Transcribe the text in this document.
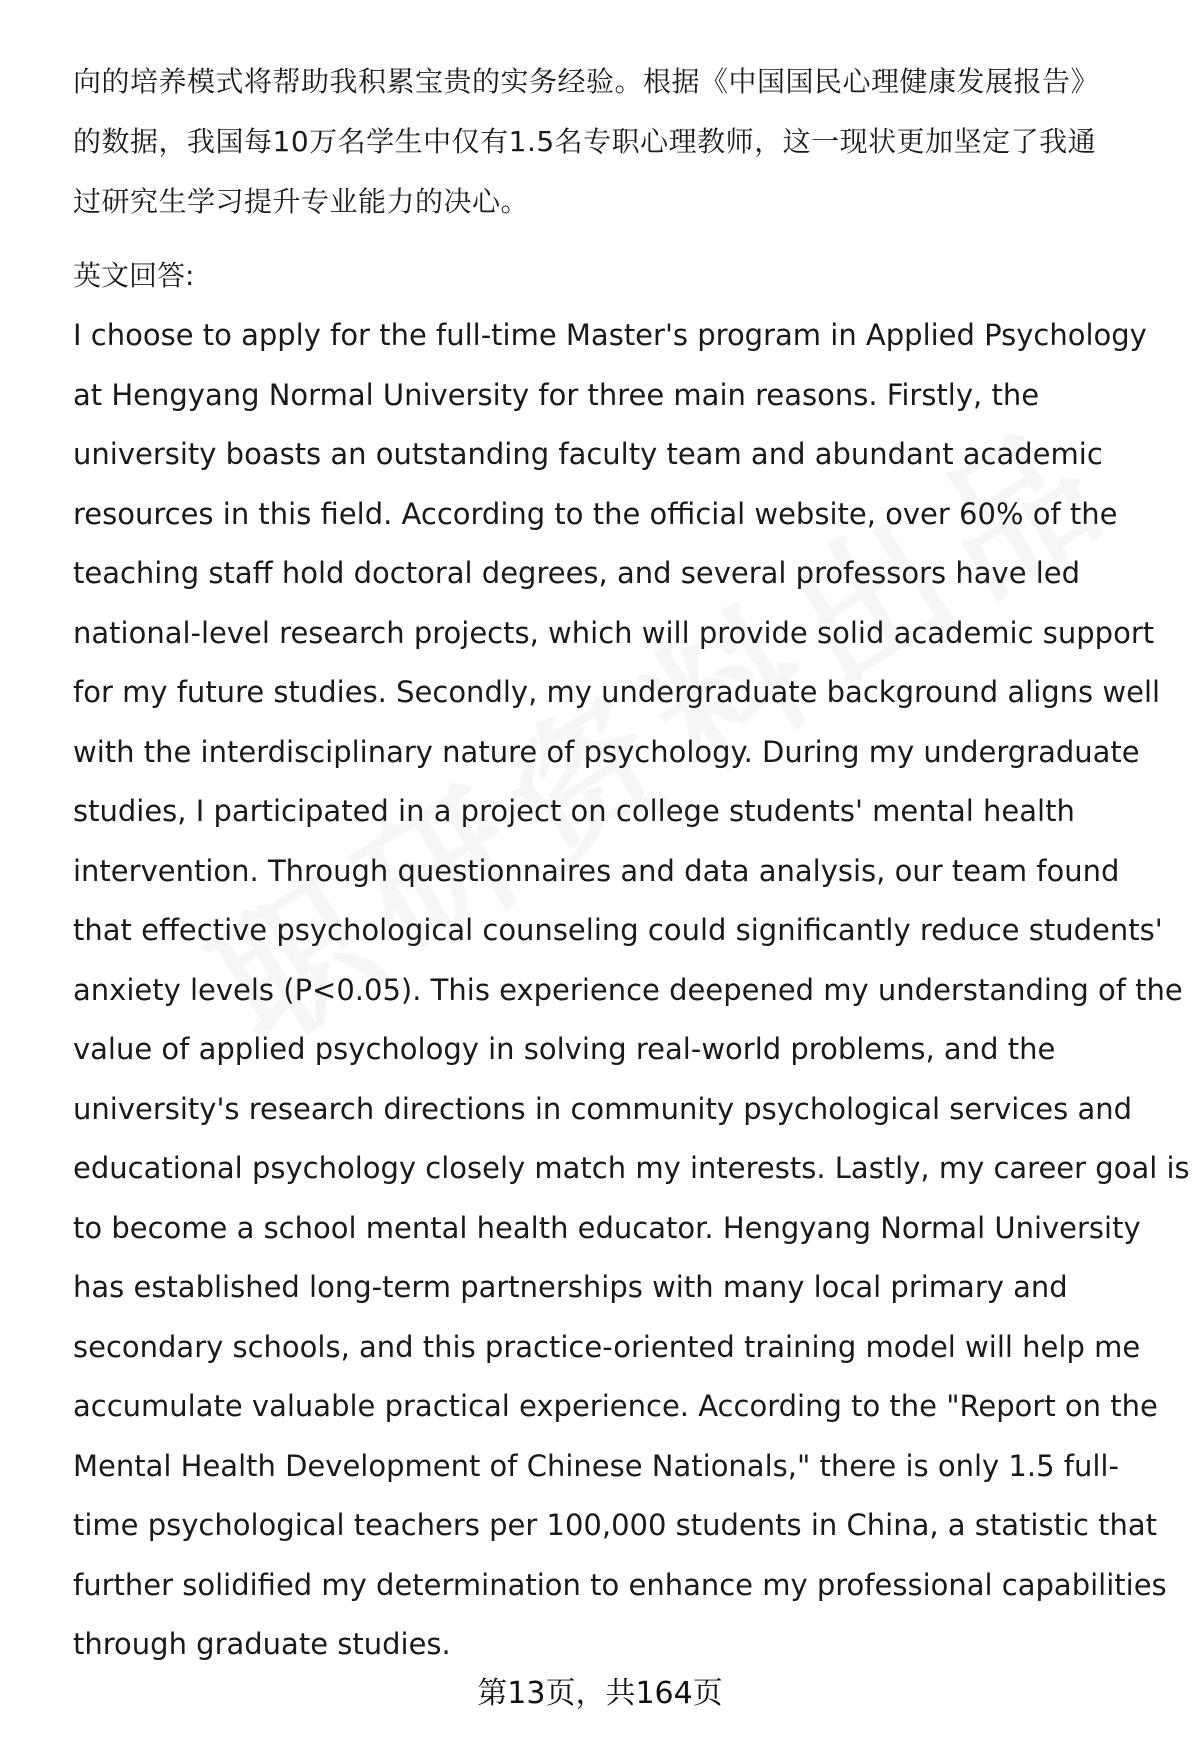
向的培养模式将帮助我积累宝贵的实务经验。根据《中国国民心理健康发展报告》
的数据，我国每10万名学生中仅有1.5名专职心理教师，这一现状更加坚定了我通
过研究生学习提升专业能力的决心。

英文回答:

I choose to apply for the full-time Master's program in Applied Psychology
at Hengyang Normal University for three main reasons. Firstly, the
university boasts an outstanding faculty team and abundant academic
resources in this field. According to the official website, over 60% of the
teaching staff hold doctoral degrees, and several professors have led
national-level research projects, which will provide solid academic support
for my future studies. Secondly, my undergraduate background aligns well
with the interdisciplinary nature of psychology. During my undergraduate
studies, I participated in a project on college students' mental health
intervention. Through questionnaires and data analysis, our team found
that effective psychological counseling could significantly reduce students'
anxiety levels (P<0.05). This experience deepened my understanding of the
value of applied psychology in solving real-world problems, and the
university's research directions in community psychological services and
educational psychology closely match my interests. Lastly, my career goal is
to become a school mental health educator. Hengyang Normal University
has established long-term partnerships with many local primary and
secondary schools, and this practice-oriented training model will help me
accumulate valuable practical experience. According to the "Report on the
Mental Health Development of Chinese Nationals," there is only 1.5 full-
time psychological teachers per 100,000 students in China, a statistic that
further solidified my determination to enhance my professional capabilities
through graduate studies.

第13页，共164页
